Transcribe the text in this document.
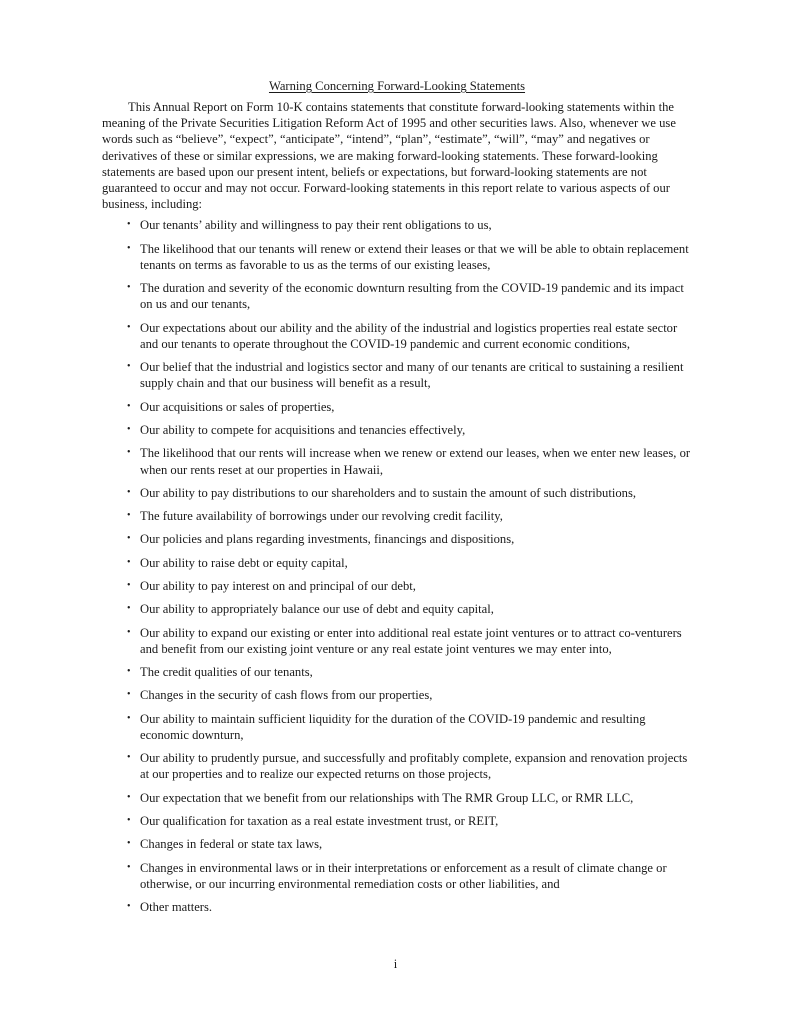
Warning Concerning Forward-Looking Statements

This Annual Report on Form 10-K contains statements that constitute forward-looking statements within the meaning of the Private Securities Litigation Reform Act of 1995 and other securities laws. Also, whenever we use words such as “believe”, “expect”, “anticipate”, “intend”, “plan”, “estimate”, “will”, “may” and negatives or derivatives of these or similar expressions, we are making forward-looking statements. These forward-looking statements are based upon our present intent, beliefs or expectations, but forward-looking statements are not guaranteed to occur and may not occur. Forward-looking statements in this report relate to various aspects of our business, including:

• Our tenants’ ability and willingness to pay their rent obligations to us,
• The likelihood that our tenants will renew or extend their leases or that we will be able to obtain replacement tenants on terms as favorable to us as the terms of our existing leases,
• The duration and severity of the economic downturn resulting from the COVID-19 pandemic and its impact on us and our tenants,
• Our expectations about our ability and the ability of the industrial and logistics properties real estate sector and our tenants to operate throughout the COVID-19 pandemic and current economic conditions,
• Our belief that the industrial and logistics sector and many of our tenants are critical to sustaining a resilient supply chain and that our business will benefit as a result,
• Our acquisitions or sales of properties,
• Our ability to compete for acquisitions and tenancies effectively,
• The likelihood that our rents will increase when we renew or extend our leases, when we enter new leases, or when our rents reset at our properties in Hawaii,
• Our ability to pay distributions to our shareholders and to sustain the amount of such distributions,
• The future availability of borrowings under our revolving credit facility,
• Our policies and plans regarding investments, financings and dispositions,
• Our ability to raise debt or equity capital,
• Our ability to pay interest on and principal of our debt,
• Our ability to appropriately balance our use of debt and equity capital,
• Our ability to expand our existing or enter into additional real estate joint ventures or to attract co-venturers and benefit from our existing joint venture or any real estate joint ventures we may enter into,
• The credit qualities of our tenants,
• Changes in the security of cash flows from our properties,
• Our ability to maintain sufficient liquidity for the duration of the COVID-19 pandemic and resulting economic downturn,
• Our ability to prudently pursue, and successfully and profitably complete, expansion and renovation projects at our properties and to realize our expected returns on those projects,
• Our expectation that we benefit from our relationships with The RMR Group LLC, or RMR LLC,
• Our qualification for taxation as a real estate investment trust, or REIT,
• Changes in federal or state tax laws,
• Changes in environmental laws or in their interpretations or enforcement as a result of climate change or otherwise, or our incurring environmental remediation costs or other liabilities, and
• Other matters.
i
